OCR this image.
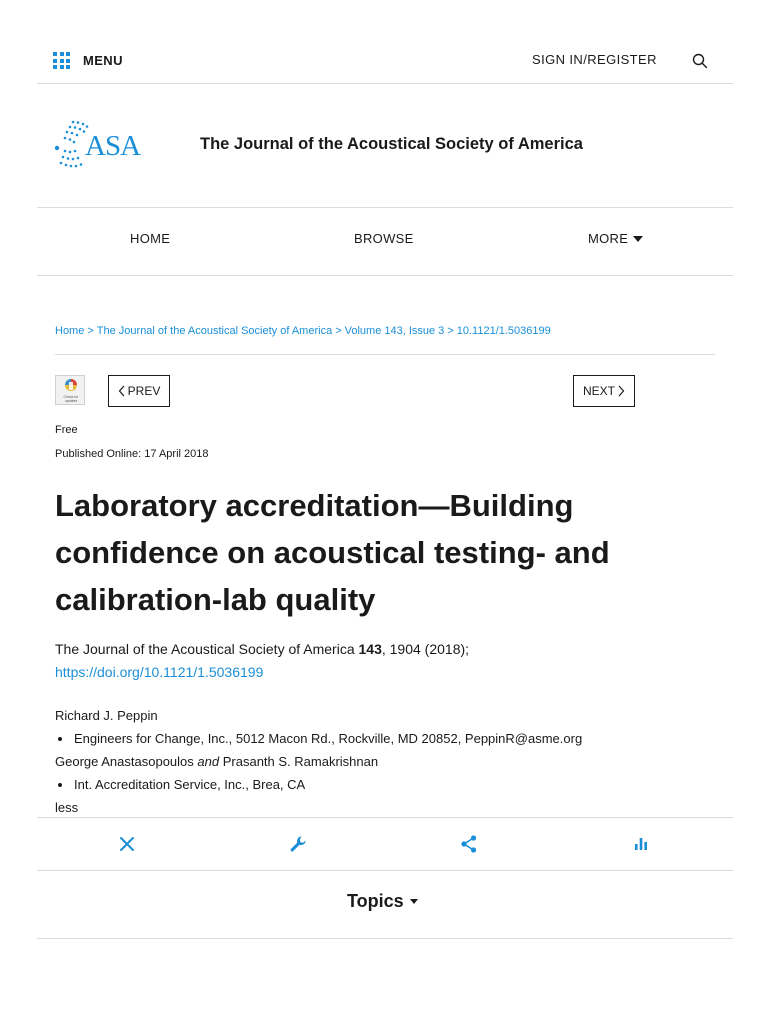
MENU	SIGN IN/REGISTER
ASA	The Journal of the Acoustical Society of America
HOME	BROWSE	MORE
Home > The Journal of the Acoustical Society of America > Volume 143, Issue 3 > 10.1121/1.5036199
Check for updates
PREV	NEXT
Free
Published Online: 17 April 2018
Laboratory accreditation—Building confidence on acoustical testing- and calibration-lab quality
The Journal of the Acoustical Society of America 143, 1904 (2018);
https://doi.org/10.1121/1.5036199
Richard J. Peppin
Engineers for Change, Inc., 5012 Macon Rd., Rockville, MD 20852, PeppinR@asme.org
George Anastasopoulos and Prasanth S. Ramakrishnan
Int. Accreditation Service, Inc., Brea, CA
less
Topics
